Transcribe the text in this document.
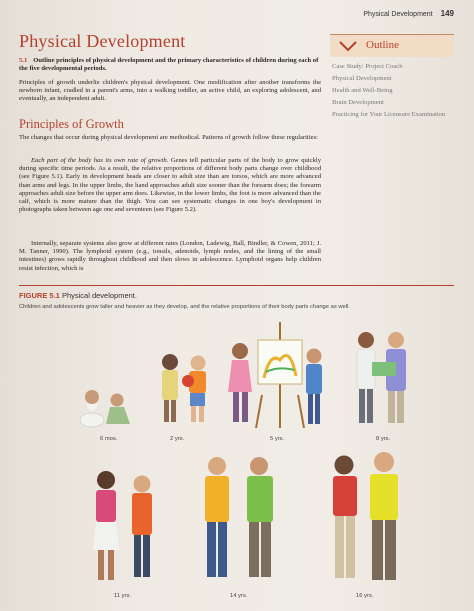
Physical Development 149
Physical Development
5.1 Outline principles of physical development and the primary characteristics of children during each of the five developmental periods.
Principles of growth underlie children's physical development. One modification after another transforms the newborn infant, cradled in a parent's arms, into a walking toddler, an active child, an exploring adolescent, and eventually, an independent adult.
Principles of Growth
The changes that occur during physical development are methodical. Patterns of growth follow these regularities:
Each part of the body has its own rate of growth. Genes tell particular parts of the body to grow quickly during specific time periods. As a result, the relative proportions of different body parts change over childhood (see Figure 5.1). Early in development heads are closer to adult size than are torsos, which are more advanced than arms and legs. In the upper limbs, the hand approaches adult size sooner than the forearm does; the forearm approaches adult size before the upper arm does. Likewise, in the lower limbs, the foot is more advanced than the calf, which is more mature than the thigh. You can see systematic changes in one boy's development in photographs taken between age one and seventeen (see Figure 5.2).
Internally, separate systems also grow at different rates (London, Ladewig, Ball, Bindler, & Cowen, 2011; J. M. Tanner, 1990). The lymphoid system (e.g., tonsils, adenoids, lymph nodes, and the lining of the small intestines) grows rapidly throughout childhood and then slows in adolescence. Lymphoid organs help children resist infection, which is
Outline
Case Study: Project Coach
Physical Development
Health and Well-Being
Brain Development
Practicing for Your Licensure Examination
FIGURE 5.1 Physical development.
Children and adolescents grow taller and heavier as they develop, and the relative proportions of their body parts change as well.
6 mos.	2 yrs.	5 yrs.	8 yrs.
11 yrs.	14 yrs.	16 yrs.
